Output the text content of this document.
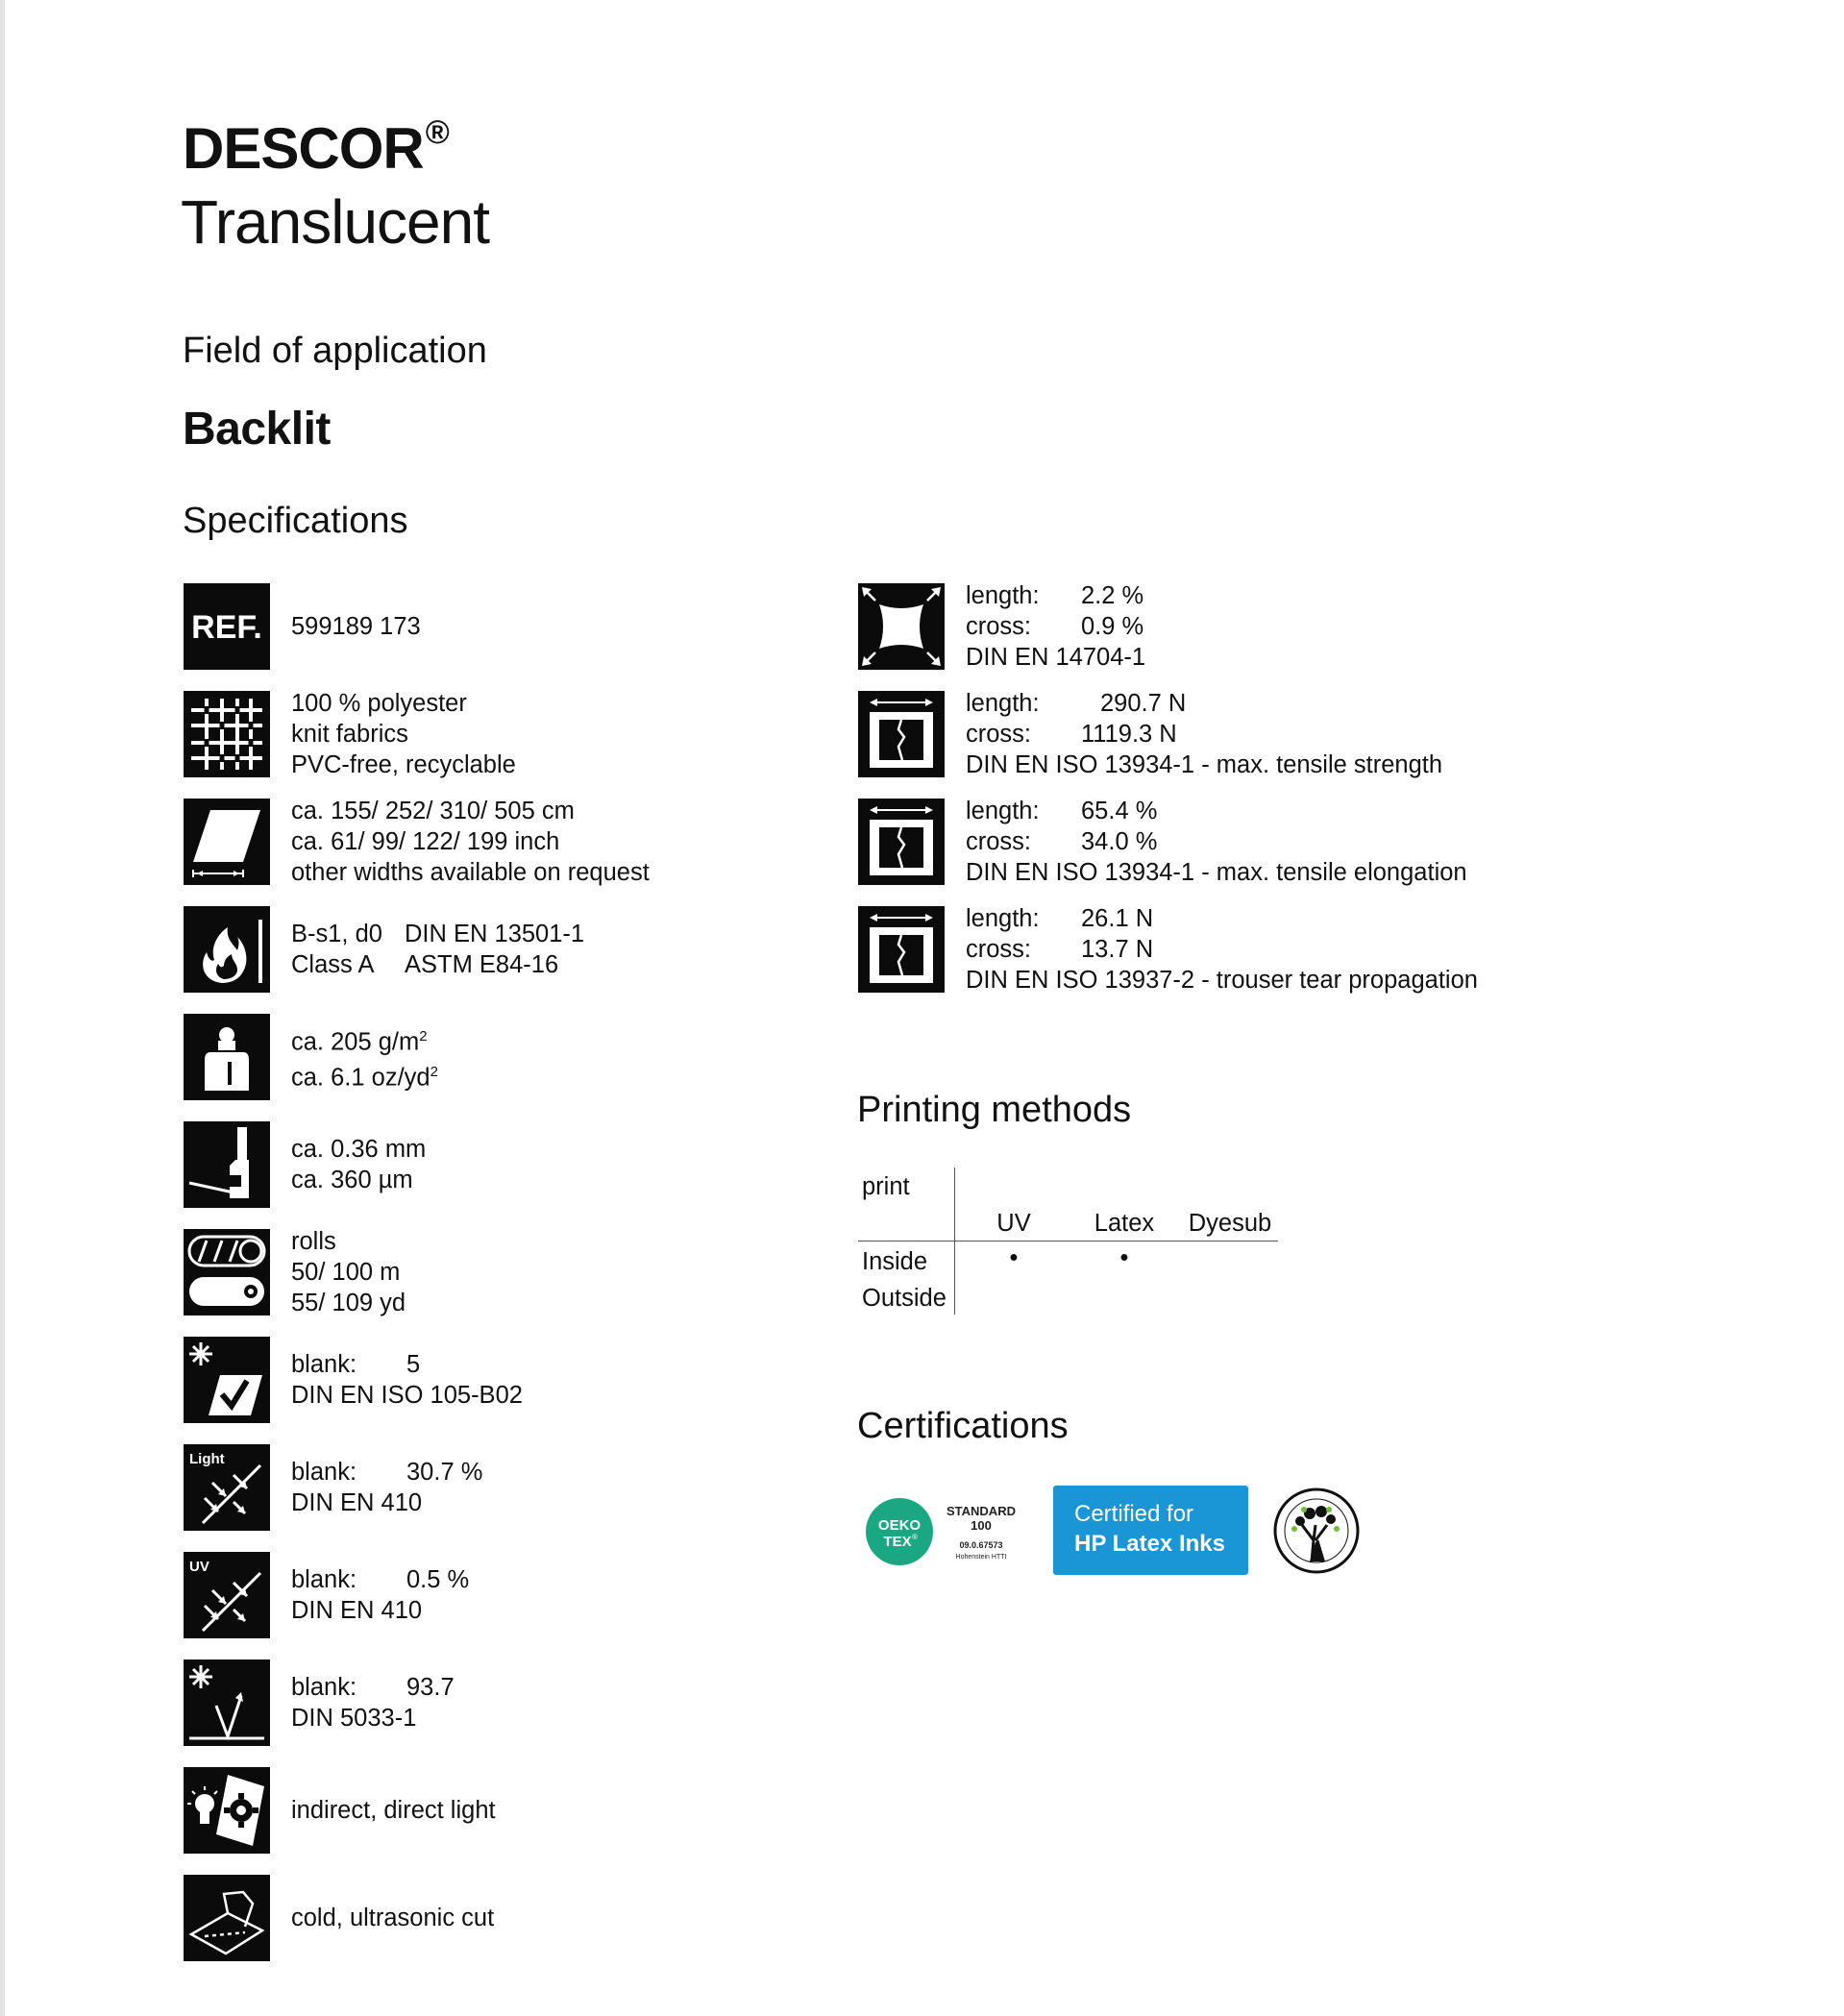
DESCOR®
Translucent
Field of application
Backlit
Specifications
REF. 599189 173
100 % polyester
knit fabrics
PVC-free, recyclable
ca. 155/ 252/ 310/ 505 cm
ca. 61/ 99/ 122/ 199 inch
other widths available on request
B-s1, d0 DIN EN 13501-1
Class A	ASTM E84-16
ca. 205 $g/m^2$
ca. 6.1 $oz/yd^2$
ca. 0.36 mm
ca. 360 µm
rolls
50/ 100 m
55/ 109 yd
blank:	5
DIN EN ISO 105-B02
Light	blank:	30.7 %
DIN EN 410
UV	blank:	0.5 %
DIN EN 410
blank:	93.7
DIN 5033-1
indirect, direct light
cold, ultrasonic cut
length:	2.2 %
cross:	0.9 %
DIN EN 14704-1
length:	290.7 N
cross:	1119.3 N
DIN EN ISO 13934-1 - max. tensile strength
length:	65.4 %
cross:	34.0 %
DIN EN ISO 13934-1 - max. tensile elongation
length:	26.1 N
cross:	13.7 N
DIN EN ISO 13937-2 - trouser tear propagation
Printing methods
print
UV	Latex	Dyesub
Inside	•	•
Outside
Certifications
OEKO
TEX ®
STANDARD
100
09.0.67573
Hohenstein HTTI
Certified for
HP Latex Inks
